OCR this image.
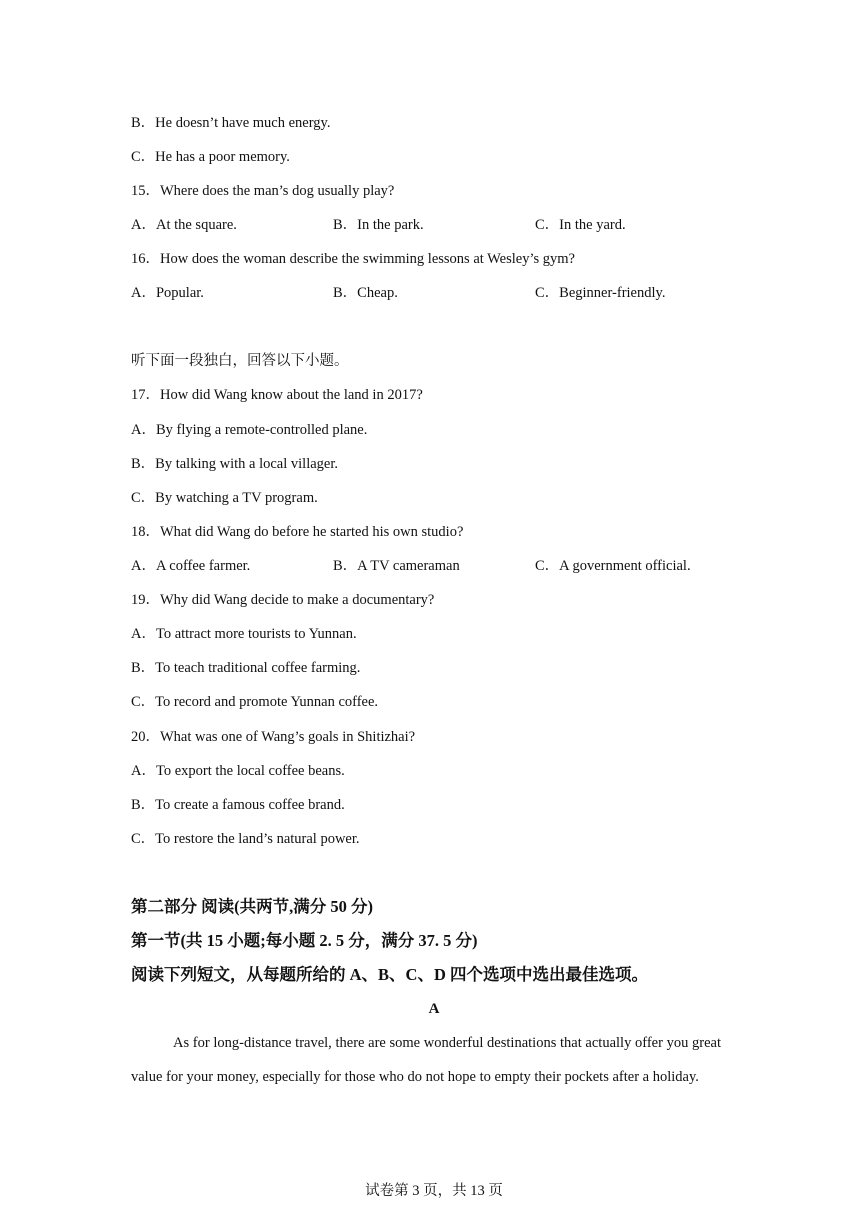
B．He doesn’t have much energy.
C．He has a poor memory.
15．Where does the man’s dog usually play?
A．At the square.	B．In the park.	C．In the yard.
16．How does the woman describe the swimming lessons at Wesley’s gym?
A．Popular.	B．Cheap.	C．Beginner-friendly.
听下面一段独白，回答以下小题。
17．How did Wang know about the land in 2017?
A．By flying a remote-controlled plane.
B．By talking with a local villager.
C．By watching a TV program.
18．What did Wang do before he started his own studio?
A．A coffee farmer.	B．A TV cameraman	C．A government official.
19．Why did Wang decide to make a documentary?
A．To attract more tourists to Yunnan.
B．To teach traditional coffee farming.
C．To record and promote Yunnan coffee.
20．What was one of Wang’s goals in Shitizhai?
A．To export the local coffee beans.
B．To create a famous coffee brand.
C．To restore the land’s natural power.
第二部分 阅读(共两节,满分 50 分)
第一节(共 15 小题;每小题 2. 5 分，满分 37. 5 分)
阅读下列短文，从每题所给的 A、B、C、D 四个选项中选出最佳选项。
A

As for long-distance travel, there are some wonderful destinations that actually offer you great value for your money, especially for those who do not hope to empty their pockets after a holiday.

试卷第 3 页，共 13 页
